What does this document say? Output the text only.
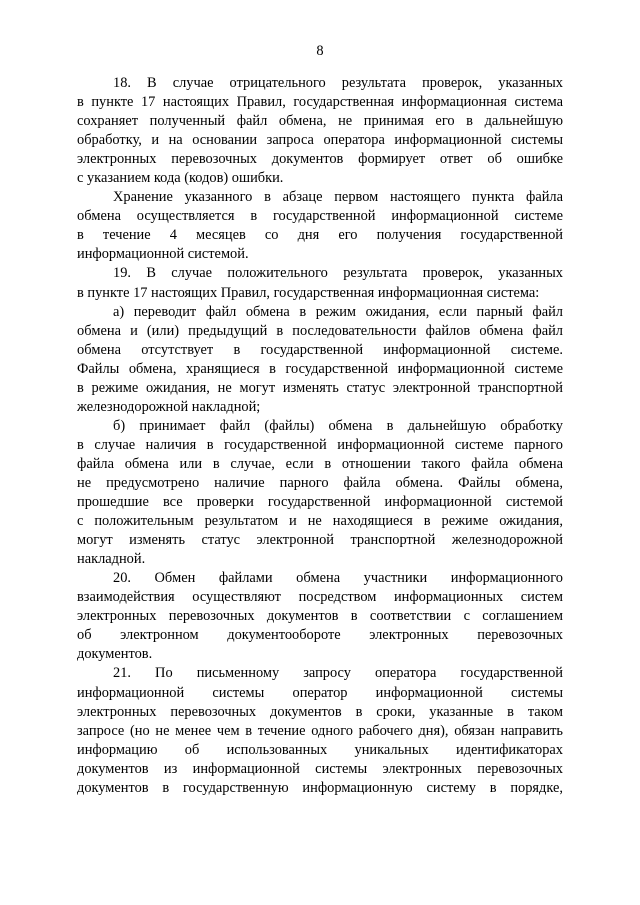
8

18. В случае отрицательного результата проверок, указанных
в пункте 17 настоящих Правил, государственная информационная система
сохраняет полученный файл обмена, не принимая его в дальнейшую
обработку, и на основании запроса оператора информационной системы
электронных перевозочных документов формирует ответ об ошибке
с указанием кода (кодов) ошибки.

Хранение указанного в абзаце первом настоящего пункта файла
обмена осуществляется в государственной информационной системе
в течение 4 месяцев со дня его получения государственной
информационной системой.

19. В случае положительного результата проверок, указанных
в пункте 17 настоящих Правил, государственная информационная система:

а) переводит файл обмена в режим ожидания, если парный файл
обмена и (или) предыдущий в последовательности файлов обмена файл
обмена отсутствует в государственной информационной системе.
Файлы обмена, хранящиеся в государственной информационной системе
в режиме ожидания, не могут изменять статус электронной транспортной
железнодорожной накладной;

б) принимает файл (файлы) обмена в дальнейшую обработку
в случае наличия в государственной информационной системе парного
файла обмена или в случае, если в отношении такого файла обмена
не предусмотрено наличие парного файла обмена. Файлы обмена,
прошедшие все проверки государственной информационной системой
с положительным результатом и не находящиеся в режиме ожидания,
могут изменять статус электронной транспортной железнодорожной
накладной.

20. Обмен файлами обмена участники информационного
взаимодействия осуществляют посредством информационных систем
электронных перевозочных документов в соответствии с соглашением
об электронном документообороте электронных перевозочных
документов.

21. По письменному запросу оператора государственной
информационной системы оператор информационной системы
электронных перевозочных документов в сроки, указанные в таком
запросе (но не менее чем в течение одного рабочего дня), обязан направить
информацию об использованных уникальных идентификаторах
документов из информационной системы электронных перевозочных
документов в государственную информационную систему в порядке,
